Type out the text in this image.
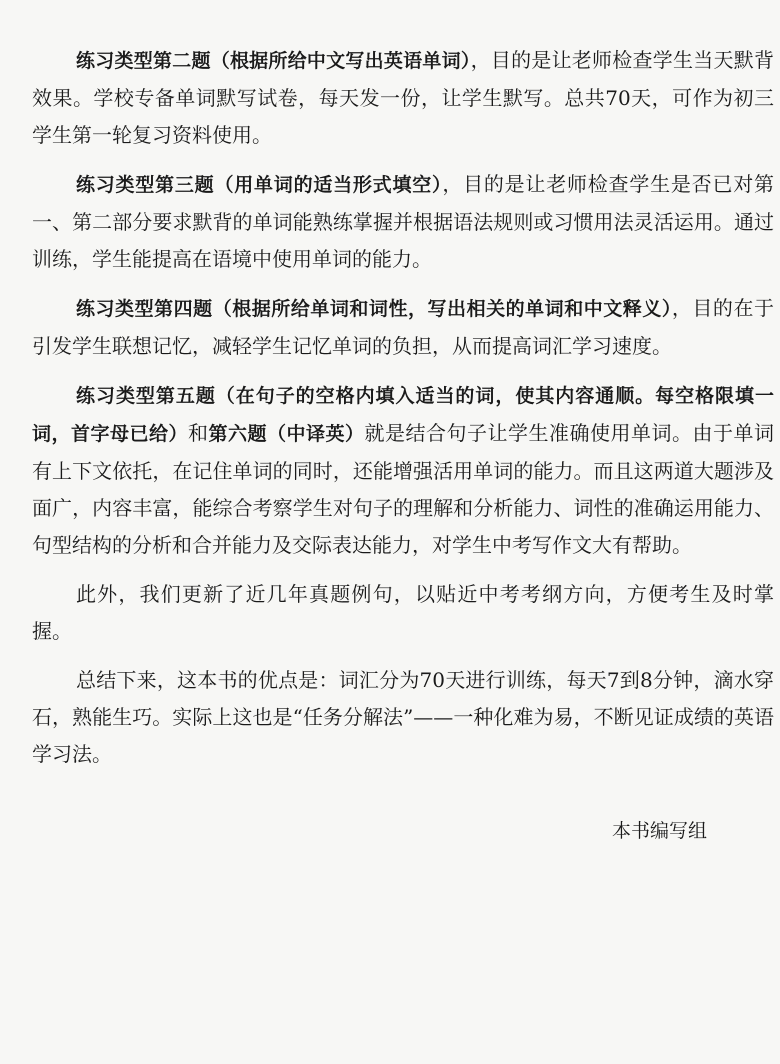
练习类型第二题（根据所给中文写出英语单词），目的是让老师检查学生当天默背效果。学校专备单词默写试卷，每天发一份，让学生默写。总共70天，可作为初三学生第一轮复习资料使用。

练习类型第三题（用单词的适当形式填空），目的是让老师检查学生是否已对第一、第二部分要求默背的单词能熟练掌握并根据语法规则或习惯用法灵活运用。通过训练，学生能提高在语境中使用单词的能力。

练习类型第四题（根据所给单词和词性，写出相关的单词和中文释义），目的在于引发学生联想记忆，减轻学生记忆单词的负担，从而提高词汇学习速度。

练习类型第五题（在句子的空格内填入适当的词，使其内容通顺。每空格限填一词，首字母已给）和第六题（中译英）就是结合句子让学生准确使用单词。由于单词有上下文依托，在记住单词的同时，还能增强活用单词的能力。而且这两道大题涉及面广，内容丰富，能综合考察学生对句子的理解和分析能力、词性的准确运用能力、句型结构的分析和合并能力及交际表达能力，对学生中考写作文大有帮助。

此外，我们更新了近几年真题例句，以贴近中考考纲方向，方便考生及时掌握。

总结下来，这本书的优点是：词汇分为70天进行训练，每天7到8分钟，滴水穿石，熟能生巧。实际上这也是“任务分解法”——一种化难为易，不断见证成绩的英语学习法。

本书编写组
